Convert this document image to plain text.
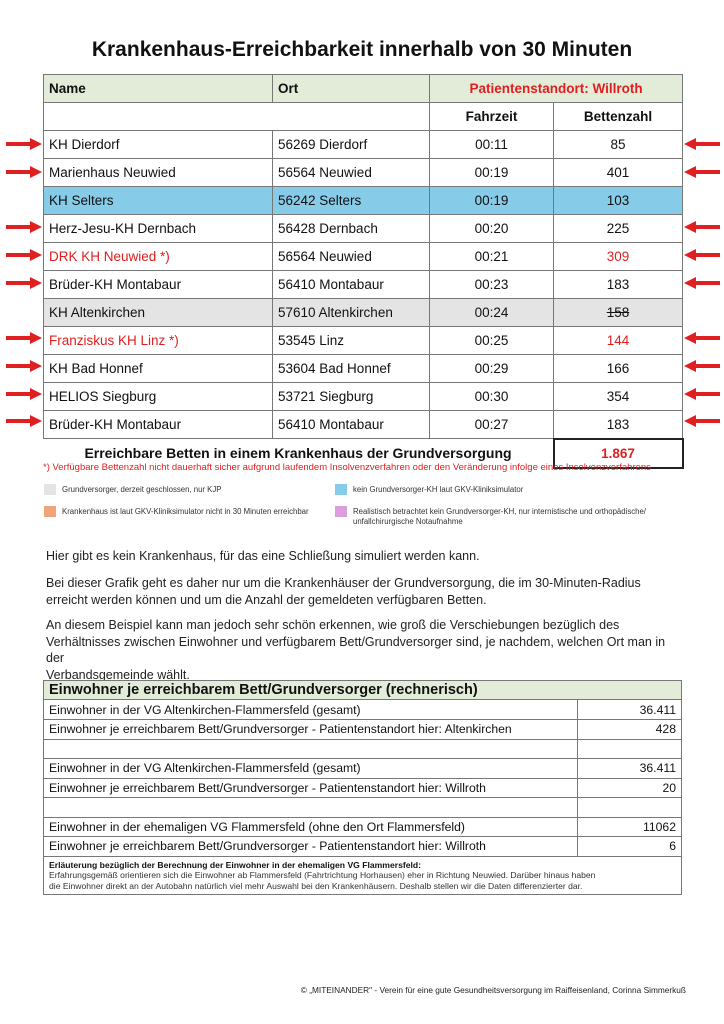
Krankenhaus-Erreichbarkeit innerhalb von 30 Minuten
Name	Ort	Patientenstandort: Willroth	
		Fahrzeit	Bettenzahl
KH Dierdorf	56269 Dierdorf	00:11	85
Marienhaus Neuwied	56564 Neuwied	00:19	401
KH Selters	56242 Selters	00:19	103
Herz-Jesu-KH Dernbach	56428 Dernbach	00:20	225
DRK KH Neuwied *)	56564 Neuwied	00:21	309
Brüder-KH Montabaur	56410 Montabaur	00:23	183
KH Altenkirchen	57610 Altenkirchen	00:24	158
Franziskus KH Linz *)	53545 Linz	00:25	144
KH Bad Honnef	53604 Bad Honnef	00:29	166
HELIOS Siegburg	53721 Siegburg	00:30	354
Brüder-KH Montabaur	56410 Montabaur	00:27	183
Erreichbare Betten in einem Krankenhaus der Grundversorgung			1.867
*) Verfügbare Bettenzahl nicht dauerhaft sicher aufgrund laufendem Insolvenzverfahren oder den Veränderung infolge eines Insolvenzverfahrens
Grundversorger, derzeit geschlossen, nur KJP	kein Grundversorger-KH laut GKV-Kliniksimulator
Krankenhaus ist laut GKV-Kliniksimulator nicht in 30 Minuten erreichbar	Realistisch betrachtet kein Grundversorger-KH, nur internistische und orthopädische/
unfallchirurgische Notaufnahme
Hier gibt es kein Krankenhaus, für das eine Schließung simuliert werden kann.
Bei dieser Grafik geht es daher nur um die Krankenhäuser der Grundversorgung, die im 30-Minuten-Radius
erreicht werden können und um die Anzahl der gemeldeten verfügbaren Betten.
An diesem Beispiel kann man jedoch sehr schön erkennen, wie groß die Verschiebungen bezüglich des
Verhältnisses zwischen Einwohner und verfügbarem Bett/Grundversorger sind, je nachdem, welchen Ort man in der
Verbandsgemeinde wählt.
Einwohner je erreichbarem Bett/Grundversorger (rechnerisch)
Einwohner in der VG Altenkirchen-Flammersfeld (gesamt)	36.411
Einwohner je erreichbarem Bett/Grundversorger - Patientenstandort hier: Altenkirchen	428

Einwohner in der VG Altenkirchen-Flammersfeld (gesamt)	36.411
Einwohner je erreichbarem Bett/Grundversorger - Patientenstandort hier: Willroth	20

Einwohner in der ehemaligen VG Flammersfeld (ohne den Ort Flammersfeld)	11062
Einwohner je erreichbarem Bett/Grundversorger - Patientenstandort hier: Willroth	6
Erläuterung bezüglich der Berechnung der Einwohner in der ehemaligen VG Flammersfeld:
Erfahrungsgemäß orientieren sich die Einwohner ab Flammersfeld (Fahrtrichtung Horhausen) eher in Richtung Neuwied. Darüber hinaus haben
die Einwohner direkt an der Autobahn natürlich viel mehr Auswahl bei den Krankenhäusern. Deshalb stellen wir die Daten differenzierter dar.
© „MITEINANDER" - Verein für eine gute Gesundheitsversorgung im Raiffeisenland, Corinna Simmerkuß
